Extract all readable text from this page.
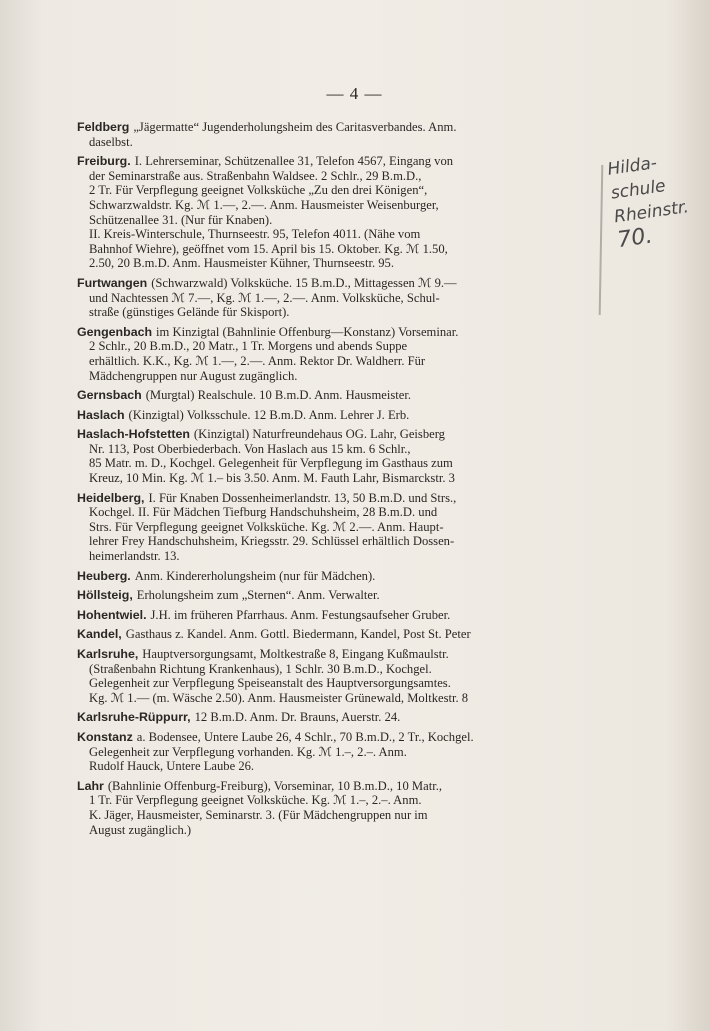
— 4 —
Hilda-
schule
Rheinstr.
70.
Feldberg „Jägermatte“ Jugenderholungsheim des Caritasverbandes. Anm.
daselbst.
Freiburg. I. Lehrerseminar, Schützenallee 31, Telefon 4567, Eingang von
der Seminarstraße aus. Straßenbahn Waldsee. 2 Schlr., 29 B.m.D.,
2 Tr. Für Verpflegung geeignet Volksküche „Zu den drei Königen“,
Schwarzwaldstr. Kg. ℳ 1.—, 2.—. Anm. Hausmeister Weisenburger,
Schützenallee 31. (Nur für Knaben).
II. Kreis-Winterschule, Thurnseestr. 95, Telefon 4011. (Nähe vom
Bahnhof Wiehre), geöffnet vom 15. April bis 15. Oktober. Kg. ℳ 1.50,
2.50, 20 B.m.D. Anm. Hausmeister Kühner, Thurnseestr. 95.
Furtwangen (Schwarzwald) Volksküche. 15 B.m.D., Mittagessen ℳ 9.—
und Nachtessen ℳ 7.—, Kg. ℳ 1.—, 2.—. Anm. Volksküche, Schul-
straße (günstiges Gelände für Skisport).
Gengenbach im Kinzigtal (Bahnlinie Offenburg—Konstanz) Vorseminar.
2 Schlr., 20 B.m.D., 20 Matr., 1 Tr. Morgens und abends Suppe
erhältlich. K.K., Kg. ℳ 1.—, 2.—. Anm. Rektor Dr. Waldherr. Für
Mädchengruppen nur August zugänglich.
Gernsbach (Murgtal) Realschule. 10 B.m.D. Anm. Hausmeister.
Haslach (Kinzigtal) Volksschule. 12 B.m.D. Anm. Lehrer J. Erb.
Haslach-Hofstetten (Kinzigtal) Naturfreundehaus OG. Lahr, Geisberg
Nr. 113, Post Oberbiederbach. Von Haslach aus 15 km. 6 Schlr.,
85 Matr. m. D., Kochgel. Gelegenheit für Verpflegung im Gasthaus zum
Kreuz, 10 Min. Kg. ℳ 1.– bis 3.50. Anm. M. Fauth Lahr, Bismarckstr. 3
Heidelberg, I. Für Knaben Dossenheimerlandstr. 13, 50 B.m.D. und Strs.,
Kochgel. II. Für Mädchen Tiefburg Handschuhsheim, 28 B.m.D. und
Strs. Für Verpflegung geeignet Volksküche. Kg. ℳ 2.—. Anm. Haupt-
lehrer Frey Handschuhsheim, Kriegsstr. 29. Schlüssel erhältlich Dossen-
heimerlandstr. 13.
Heuberg. Anm. Kindererholungsheim (nur für Mädchen).
Höllsteig, Erholungsheim zum „Sternen“. Anm. Verwalter.
Hohentwiel. J.H. im früheren Pfarrhaus. Anm. Festungsaufseher Gruber.
Kandel, Gasthaus z. Kandel. Anm. Gottl. Biedermann, Kandel, Post St. Peter
Karlsruhe, Hauptversorgungsamt, Moltkestraße 8, Eingang Kußmaulstr.
(Straßenbahn Richtung Krankenhaus), 1 Schlr. 30 B.m.D., Kochgel.
Gelegenheit zur Verpflegung Speiseanstalt des Hauptversorgungsamtes.
Kg. ℳ 1.— (m. Wäsche 2.50). Anm. Hausmeister Grünewald, Moltkestr. 8
Karlsruhe-Rüppurr, 12 B.m.D. Anm. Dr. Brauns, Auerstr. 24.
Konstanz a. Bodensee, Untere Laube 26, 4 Schlr., 70 B.m.D., 2 Tr., Kochgel.
Gelegenheit zur Verpflegung vorhanden. Kg. ℳ 1.–, 2.–. Anm.
Rudolf Hauck, Untere Laube 26.
Lahr (Bahnlinie Offenburg-Freiburg), Vorseminar, 10 B.m.D., 10 Matr.,
1 Tr. Für Verpflegung geeignet Volksküche. Kg. ℳ 1.–, 2.–. Anm.
K. Jäger, Hausmeister, Seminarstr. 3. (Für Mädchengruppen nur im
August zugänglich.)
